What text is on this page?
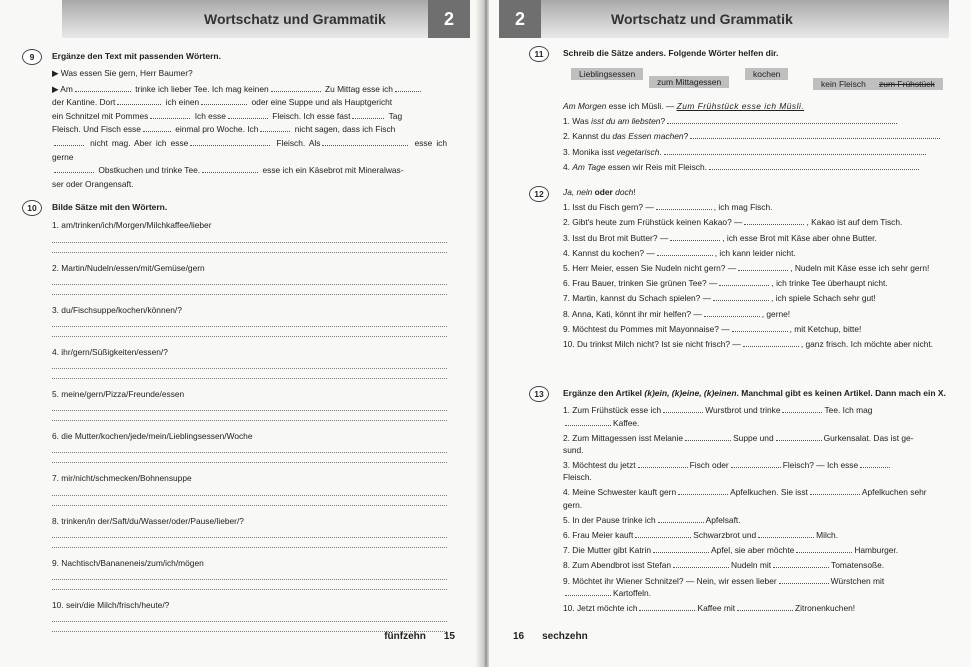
Wortschatz und Grammatik	2
9	Ergänze den Text mit passenden Wörtern.
▶ Was essen Sie gern, Herr Baumer?
▶ Am	trinke ich lieber Tee. Ich mag keinen	Zu Mittag esse ich
der Kantine. Dort	ich einen	oder eine Suppe und als Hauptgericht
ein Schnitzel mit Pommes	Ich esse	Fleisch. Ich esse fast	Tag
Fleisch. Und Fisch esse	einmal pro Woche. Ich	nicht sagen, dass ich Fisch
nicht mag. Aber ich esse	Fleisch. Als	esse ich gerne
Obstkuchen und trinke Tee.	esse ich ein Käsebrot mit Mineralwas-
ser oder Orangensaft.
10	Bilde Sätze mit den Wörtern.
1. am/trinken/ich/Morgen/Milchkaffee/lieber
2. Martin/Nudeln/essen/mit/Gemüse/gern
3. du/Fischsuppe/kochen/können/?
4. ihr/gern/Süßigkeiten/essen/?
5. meine/gern/Pizza/Freunde/essen
6. die Mutter/kochen/jede/mein/Lieblingsessen/Woche
7. mir/nicht/schmecken/Bohnensuppe
8. trinken/in der/Saft/du/Wasser/oder/Pause/lieber/?
9. Nachtisch/Bananeneis/zum/ich/mögen
10. sein/die Milch/frisch/heute/?
fünfzehn 15
2	Wortschatz und Grammatik
11	Schreib die Sätze anders. Folgende Wörter helfen dir.
Lieblingsessen
zum Mittagessen
kochen
kein Fleisch	zum Frühstück
Am Morgen esse ich Müsli. — Zum Frühstück esse ich Müsli.
1. Was isst du am liebsten?
2. Kannst du das Essen machen?
3. Monika isst vegetarisch.
4. Am Tage essen wir Reis mit Fleisch.
12	Ja, nein oder doch!
1. Isst du Fisch gern? —	, ich mag Fisch.
2. Gibt's heute zum Frühstück keinen Kakao? —	, Kakao ist auf dem Tisch.
3. Isst du Brot mit Butter? —	, ich esse Brot mit Käse aber ohne Butter.
4. Kannst du kochen? —	, ich kann leider nicht.
5. Herr Meier, essen Sie Nudeln nicht gern? —	, Nudeln mit Käse esse ich sehr gern!
6. Frau Bauer, trinken Sie grünen Tee? —	, ich trinke Tee überhaupt nicht.
7. Martin, kannst du Schach spielen? —	, ich spiele Schach sehr gut!
8. Anna, Kati, könnt ihr mir helfen? —	, gerne!
9. Möchtest du Pommes mit Mayonnaise? —	, mit Ketchup, bitte!
10. Du trinkst Milch nicht? Ist sie nicht frisch? —	, ganz frisch. Ich möchte aber nicht.
13	Ergänze den Artikel (k)ein, (k)eine, (k)einen. Manchmal gibt es keinen Artikel. Dann mach ein X.
1. Zum Frühstück esse ich	Wurstbrot und trinke	Tee. Ich mag
Kaffee.
2. Zum Mittagessen isst Melanie	Suppe und	Gurkensalat. Das ist ge-
sund.
3. Möchtest du jetzt	Fisch oder	Fleisch? — Ich esse
Fleisch.
4. Meine Schwester kauft gern	Apfelkuchen. Sie isst	Apfelkuchen sehr
gern.
5. In der Pause trinke ich	Apfelsaft.
6. Frau Meier kauft	Schwarzbrot und	Milch.
7. Die Mutter gibt Katrin	Apfel, sie aber möchte	Hamburger.
8. Zum Abendbrot isst Stefan	Nudeln mit	Tomatensoße.
9. Möchtet ihr Wiener Schnitzel? — Nein, wir essen lieber	Würstchen mit
Kartoffeln.
10. Jetzt möchte ich	Kaffee mit	Zitronenkuchen!
16 sechzehn
